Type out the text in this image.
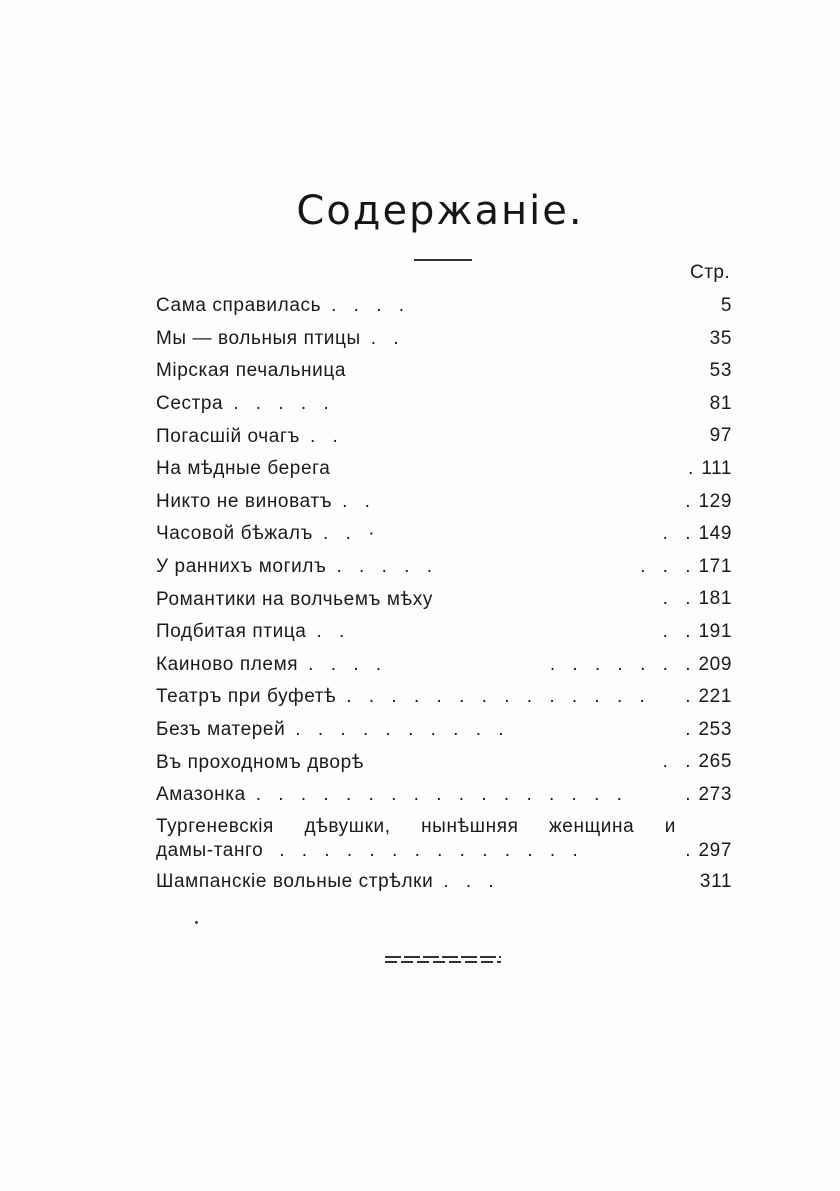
Содержаніе.
Стр.
Сама справилась . . . .	5
Мы — вольныя птицы . .	35
Мірская печальница	53
Сестра . . . . .	81
Погасшій очагъ . .	97
На мѣдные берега	. 111
Никто не виноватъ . .	. 129
Часовой бѣжалъ . . ·	. . 149
У раннихъ могилъ . . . . .	. . . 171
Романтики на волчьемъ мѣху	. . 181
Подбитая птица . .	. . 191
Каиново племя . . . .	. . . . . . . 209
Театръ при буфетѣ . . . . . . . . . . . . . . . 221
Безъ матерей . . . . . . . . . .	. 253
Въ проходномъ дворѣ	. . 265
Амазонка . . . . . . . . . . . . . . . . .	. 273
Тургеневскія дѣвушки, нынѣшняя женщина и
дамы-танго . . . . . . . . . . . . . .	. 297
Шампанскіе вольные стрѣлки . . .	311
